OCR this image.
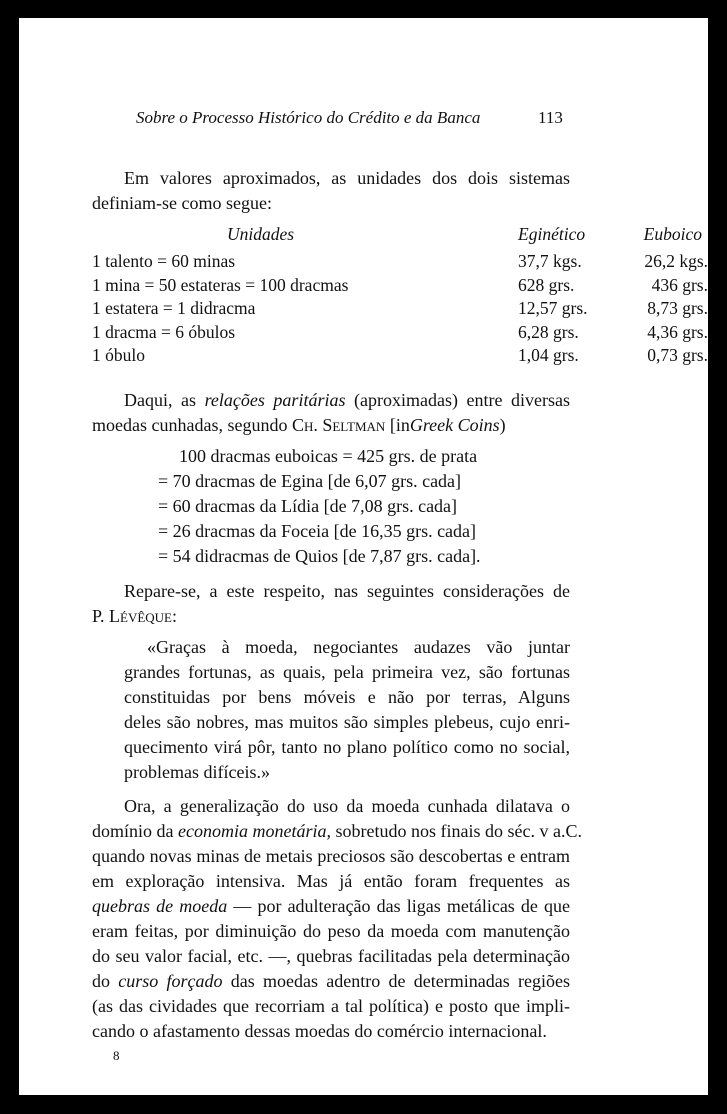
Sobre o Processo Histórico do Crédito e da Banca	113
Em valores aproximados, as unidades dos dois sistemas
definiam-se como segue:
Unidades	Eginético	Euboico
1 talento = 60 minas	37,7 kgs.	26,2 kgs.
1 mina = 50 estateras = 100 dracmas	628 grs.	436 grs.
1 estatera = 1 didracma	12,57 grs.	8,73 grs.
1 dracma = 6 óbulos	6,28 grs.	4,36 grs.
1 óbulo	1,04 grs.	0,73 grs.
Daqui, as relações paritárias (aproximadas) entre diversas
moedas cunhadas, segundo Ch. Seltman [inGreek Coins)
100 dracmas euboicas = 425 grs. de prata
= 70 dracmas de Egina [de 6,07 grs. cada]
= 60 dracmas da Lídia [de 7,08 grs. cada]
= 26 dracmas da Foceia [de 16,35 grs. cada]
= 54 didracmas de Quios [de 7,87 grs. cada].
Repare-se, a este respeito, nas seguintes considerações de
P. Lévêque:
«Graças à moeda, negociantes audazes vão juntar
grandes fortunas, as quais, pela primeira vez, são fortunas
constituidas por bens móveis e não por terras, Alguns
deles são nobres, mas muitos são simples plebeus, cujo enri-
quecimento virá pôr, tanto no plano político como no social,
problemas difíceis.»
Ora, a generalização do uso da moeda cunhada dilatava o
domínio da economia monetária, sobretudo nos finais do séc. v a.C.
quando novas minas de metais preciosos são descobertas e entram
em exploração intensiva. Mas já então foram frequentes as
quebras de moeda — por adulteração das ligas metálicas de que
eram feitas, por diminuição do peso da moeda com manutenção
do seu valor facial, etc. —, quebras facilitadas pela determinação
do curso forçado das moedas adentro de determinadas regiões
(as das cividades que recorriam a tal política) e posto que impli-
cando o afastamento dessas moedas do comércio internacional.
8
